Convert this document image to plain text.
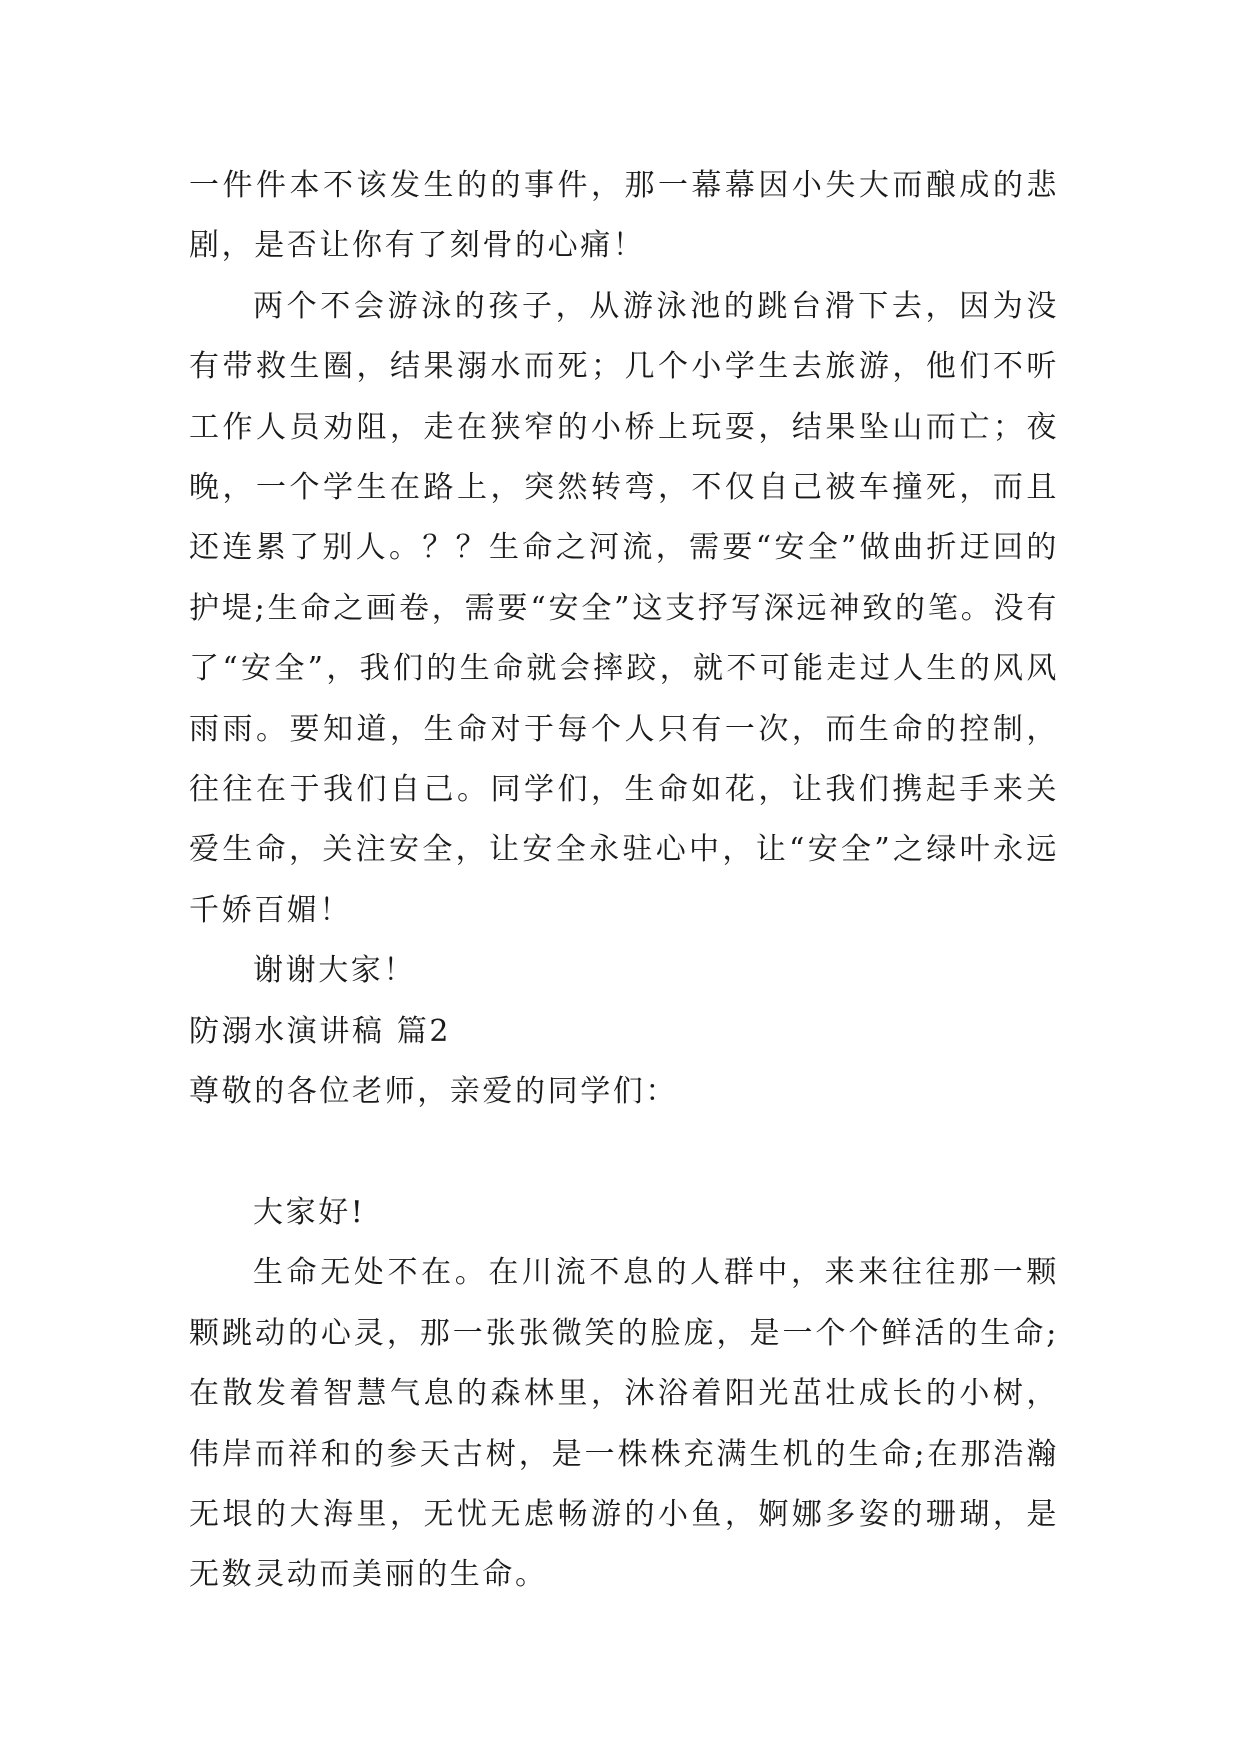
一件件本不该发生的的事件，那一幕幕因小失大而酿成的悲剧，是否让你有了刻骨的心痛！

两个不会游泳的孩子，从游泳池的跳台滑下去，因为没有带救生圈，结果溺水而死；几个小学生去旅游，他们不听工作人员劝阻，走在狭窄的小桥上玩耍，结果坠山而亡；夜晚，一个学生在路上，突然转弯，不仅自己被车撞死，而且还连累了别人。？？生命之河流，需要“安全”做曲折迂回的护堤;生命之画卷，需要“安全”这支抒写深远神致的笔。没有了“安全”，我们的生命就会摔跤，就不可能走过人生的风风雨雨。要知道，生命对于每个人只有一次，而生命的控制，往往在于我们自己。同学们，生命如花，让我们携起手来关爱生命，关注安全，让安全永驻心中，让“安全”之绿叶永远千娇百媚！

谢谢大家！

防溺水演讲稿 篇2

尊敬的各位老师，亲爱的同学们：

大家好!

生命无处不在。在川流不息的人群中，来来往往那一颗颗跳动的心灵，那一张张微笑的脸庞，是一个个鲜活的生命;在散发着智慧气息的森林里，沐浴着阳光茁壮成长的小树，伟岸而祥和的参天古树，是一株株充满生机的生命;在那浩瀚无垠的大海里，无忧无虑畅游的小鱼，婀娜多姿的珊瑚，是无数灵动而美丽的生命。
